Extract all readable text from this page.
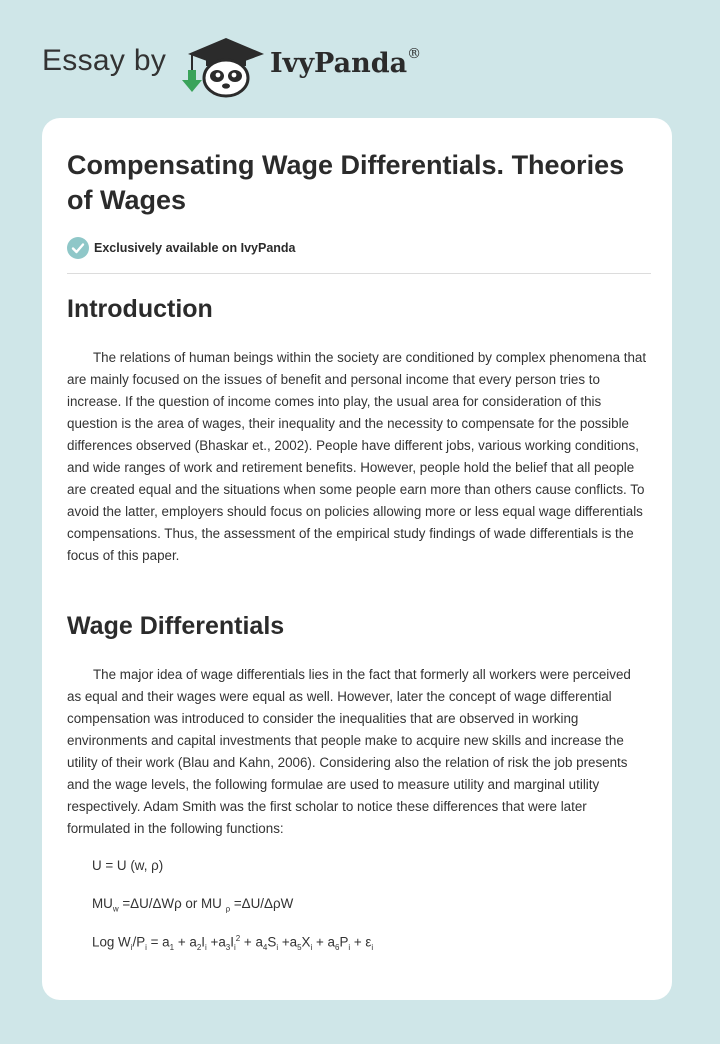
Essay by	IvyPanda®
Compensating Wage Differentials. Theories of Wages
Exclusively available on IvyPanda
Introduction

The relations of human beings within the society are conditioned by complex phenomena that are mainly focused on the issues of benefit and personal income that every person tries to increase. If the question of income comes into play, the usual area for consideration of this question is the area of wages, their inequality and the necessity to compensate for the possible differences observed (Bhaskar et., 2002). People have different jobs, various working conditions, and wide ranges of work and retirement benefits. However, people hold the belief that all people are created equal and the situations when some people earn more than others cause conflicts. To avoid the latter, employers should focus on policies allowing more or less equal wage differentials compensations. Thus, the assessment of the empirical study findings of wade differentials is the focus of this paper.

Wage Differentials

The major idea of wage differentials lies in the fact that formerly all workers were perceived as equal and their wages were equal as well. However, later the concept of wage differential compensation was introduced to consider the inequalities that are observed in working environments and capital investments that people make to acquire new skills and increase the utility of their work (Blau and Kahn, 2006). Considering also the relation of risk the job presents and the wage levels, the following formulae are used to measure utility and marginal utility respectively. Adam Smith was the first scholar to notice these differences that were later formulated in the following functions:

U = U (w, ρ)

$MU_w =\Delta U/\Delta W\rho$ or MU $_\rho$ =ΔU/ΔρW

Log $W_i/P_i = a_1 + a_2I_i +a_3I_i^2 + a_4S_i +a_5X_i + a_6P_i + \varepsilon_i$
